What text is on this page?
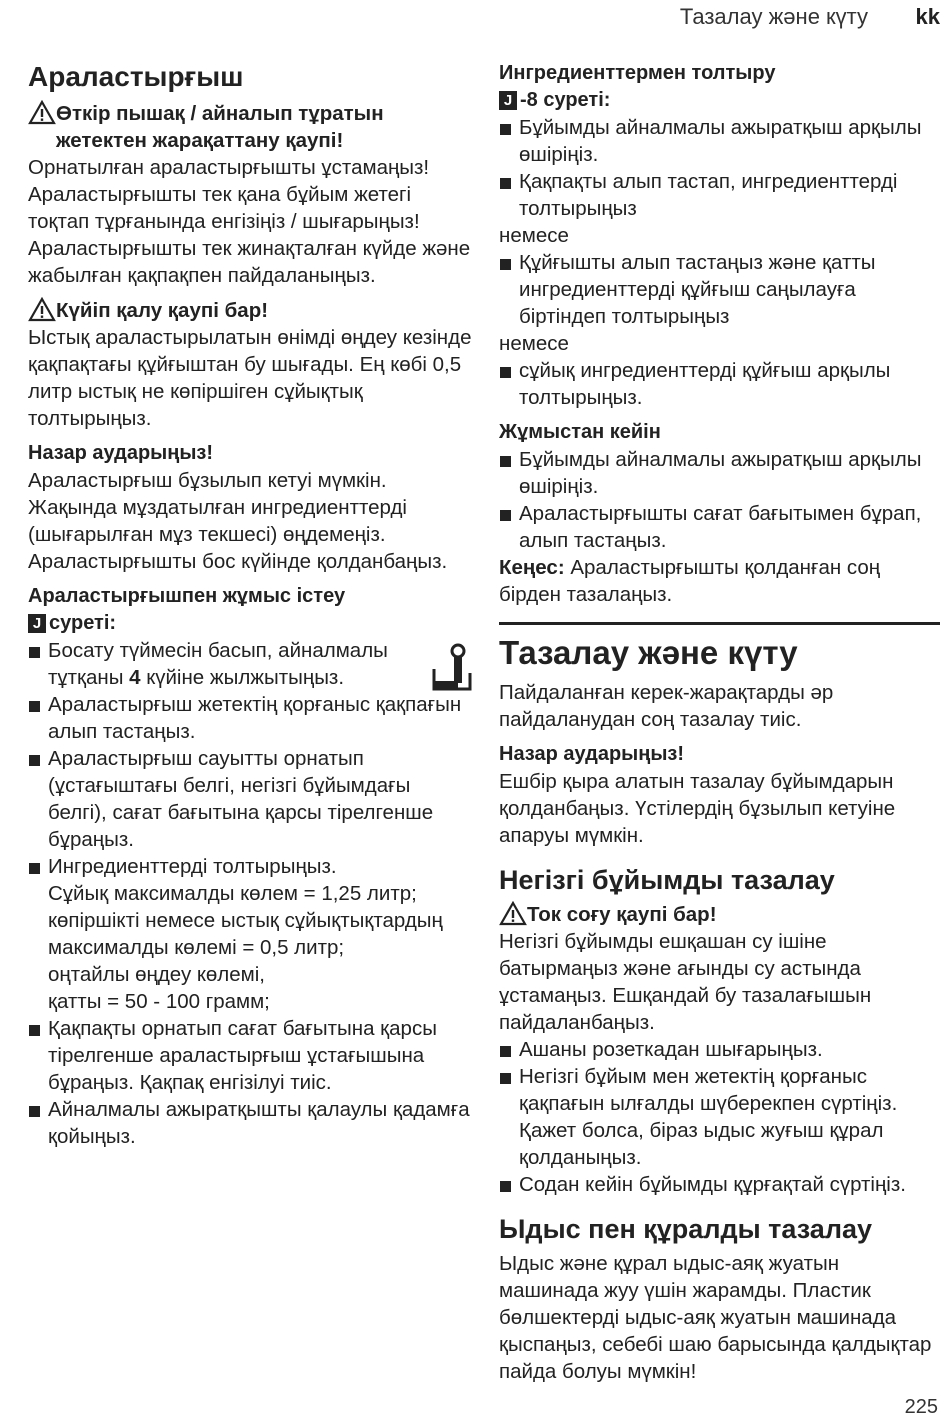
Тазалау және күту kk
Араластырғыш
Өткір пышақ / айналып тұратын жетектен жарақаттану қаупі!

Орнатылған араластырғышты ұстамаңыз! Араластырғышты тек қана бұйым жетегі тоқтап тұрғанында енгізіңіз / шығарыңыз! Араластырғышты тек жинақталған күйде және жабылған қақпақпен пайдаланыңыз.

Күйіп қалу қаупі бар!

Ыстық араластырылатын өнімді өңдеу кезінде қақпақтағы құйғыштан бу шығады. Ең көбі 0,5 литр ыстық не көпіршіген сұйықтық толтырыңыз.

Назар аударыңыз!

Араластырғыш бұзылып кетуі мүмкін. Жақында мұздатылған ингредиенттерді (шығарылған мұз текшесі) өңдемеңіз. Араластырғышты бос күйінде қолданбаңыз.

Араластырғышпен жұмыс істеу

J суреті:

Босату түймесін басып, айналмалы тұтқаны 4 күйіне жылжытыңыз.
Араластырғыш жетектің қорғаныс қақпағын алып тастаңыз.
Араластырғыш сауытты орнатып (ұстағыштағы белгі, негізгі бұйымдағы белгі), сағат бағытына қарсы тірелгенше бұраңыз.
Ингредиенттерді толтырыңыз.
Сұйық максималды көлем = 1,25 литр; көпіршікті немесе ыстық сұйықтықтардың максималды көлемі = 0,5 литр;
оңтайлы өңдеу көлемі,
қатты = 50 - 100 грамм;
Қақпақты орнатып сағат бағытына қарсы тірелгенше араластырғыш ұстағышына бұраңыз. Қақпақ енгізілуі тиіс.
Айналмалы ажыратқышты қалаулы қадамға қойыңыз.

Ингредиенттермен толтыру

J -8 суреті:

Бұйымды айналмалы ажыратқыш арқылы өшіріңіз.
Қақпақты алып тастап, ингредиенттерді толтырыңыз

немесе

Құйғышты алып тастаңыз және қатты ингредиенттерді құйғыш саңылауға біртіндеп толтырыңыз

немесе

сұйық ингредиенттерді құйғыш арқылы толтырыңыз.

Жұмыстан кейін

Бұйымды айналмалы ажыратқыш арқылы өшіріңіз.
Араластырғышты сағат бағытымен бұрап, алып тастаңыз.

Кеңес: Араластырғышты қолданған соң бірден тазалаңыз.

Тазалау және күту

Пайдаланған керек-жарақтарды әр пайдаланудан соң тазалау тиіс.

Назар аударыңыз!

Ешбір қыра алатын тазалау бұйымдарын қолданбаңыз. Үстілердің бұзылып кетуіне апаруы мүмкін.

Негізгі бұйымды тазалау
Ток соғу қаупі бар!

Негізгі бұйымды ешқашан су ішіне батырмаңыз және ағынды су астында ұстамаңыз. Ешқандай бу тазалағышын пайдаланбаңыз.

Ашаны розеткадан шығарыңыз.
Негізгі бұйым мен жетектің қорғаныс қақпағын ылғалды шүберекпен сүртіңіз. Қажет болса, біраз ыдыс жуғыш құрал қолданыңыз.
Содан кейін бұйымды құрғақтай сүртіңіз.
Ыдыс пен құралды тазалау

Ыдыс және құрал ыдыс-аяқ жуатын машинада жуу үшін жарамды. Пластик бөлшектерді ыдыс-аяқ жуатын машинада қыспаңыз, себебі шаю барысында қалдықтар пайда болуы мүмкін!

225
